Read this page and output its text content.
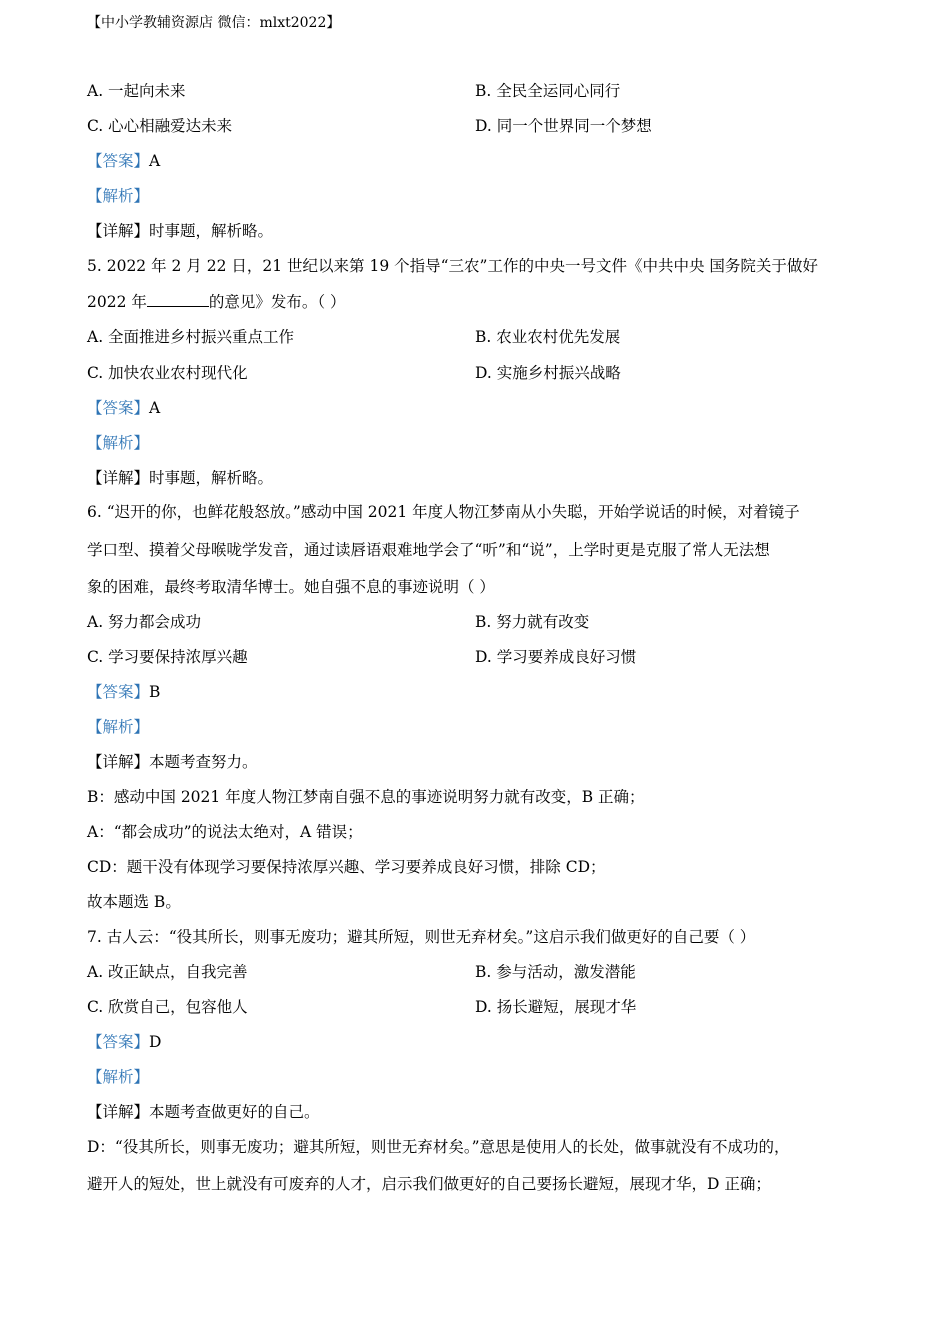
【中小学教辅资源店 微信：mlxt2022】
A. 一起向未来	B. 全民全运同心同行
C. 心心相融爱达未来	D. 同一个世界同一个梦想
【答案】A
【解析】
【详解】时事题，解析略。
5. 2022 年 2 月 22 日，21 世纪以来第 19 个指导“三农”工作的中央一号文件《中共中央 国务院关于做好
2022 年	的意见》发布。（ ）
A. 全面推进乡村振兴重点工作	B. 农业农村优先发展
C. 加快农业农村现代化	D. 实施乡村振兴战略
【答案】A
【解析】
【详解】时事题，解析略。
6. “迟开的你，也鲜花般怒放。”感动中国 2021 年度人物江梦南从小失聪，开始学说话的时候，对着镜子
学口型、摸着父母喉咙学发音，通过读唇语艰难地学会了“听”和“说”，上学时更是克服了常人无法想
象的困难，最终考取清华博士。她自强不息的事迹说明（ ）
A. 努力都会成功	B. 努力就有改变
C. 学习要保持浓厚兴趣	D. 学习要养成良好习惯
【答案】B
【解析】
【详解】本题考查努力。
B：感动中国 2021 年度人物江梦南自强不息的事迹说明努力就有改变，B 正确；
A：“都会成功”的说法太绝对，A 错误；
CD：题干没有体现学习要保持浓厚兴趣、学习要养成良好习惯，排除 CD；
故本题选 B。
7. 古人云：“役其所长，则事无废功；避其所短，则世无弃材矣。”这启示我们做更好的自己要（ ）
A. 改正缺点，自我完善	B. 参与活动，激发潜能
C. 欣赏自己，包容他人	D. 扬长避短，展现才华
【答案】D
【解析】
【详解】本题考查做更好的自己。
D：“役其所长，则事无废功；避其所短，则世无弃材矣。”意思是使用人的长处，做事就没有不成功的，
避开人的短处，世上就没有可废弃的人才，启示我们做更好的自己要扬长避短，展现才华，D 正确；
